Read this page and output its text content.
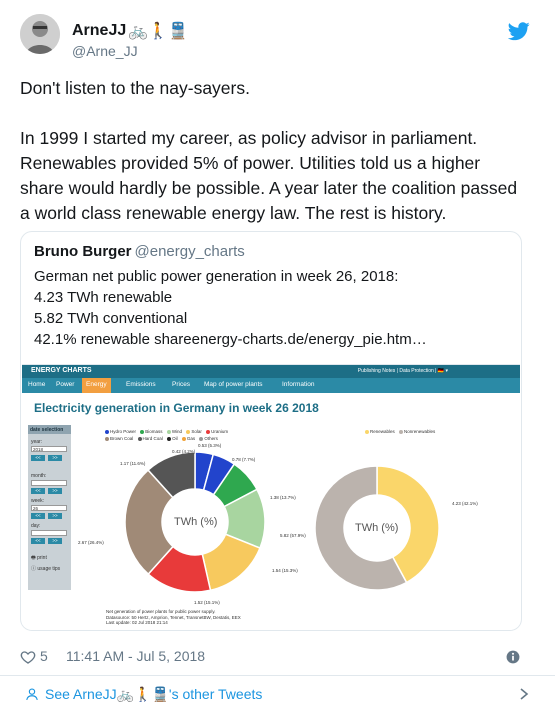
ArneJJ 🚲🚶🚆
@Arne_JJ

Don't listen to the nay-sayers.

In 1999 I started my career, as policy advisor in parliament.

Renewables provided 5% of power. Utilities told us a higher

share would hardly be possible. A year later the coalition passed

a world class renewable energy law. The rest is history.

Bruno Burger @energy_charts
German net public power generation in week 26, 2018:
4.23 TWh renewable
5.82 TWh conventional
42.1% renewable shareenergy-charts.de/energy_pie.htm…
ENERGY CHARTS	Publishing Notes | Data Protection | 🇩🇪 ▾
Home Power	Energy	Emissions	Prices Map of power plants	Information
Electricity generation in Germany in week 26 2018
date selection
year:
2018
<<	>>
month:
<<	>>
week:
26
<<	>>
day:
<<	>>
🖶 print
ⓘ usage tips
Hydro Power Biomass Wind Solar Uranium
Brown Coal Hard Coal Oil Gas Others
Renewables Nonrenewables
TWh (%)	TWh (%)
0.42 (4.2%)
0.53 (5.3%)
0.78 (7.7%)
1.38 (13.7%)
1.54 (15.3%)
1.52 (15.1%)
2.67 (26.4%)
1.17 (11.6%)
4.23 (42.1%)
5.82 (57.9%)
Net generation of power plants for public power supply.
Datasource: 50 Hertz, Amprion, Tennet, TransnetBW, Destatis, EEX
Last update: 02 Jul 2018 21:14
5 11:41 AM - Jul 5, 2018
See ArneJJ🚲🚶🚆's other Tweets
